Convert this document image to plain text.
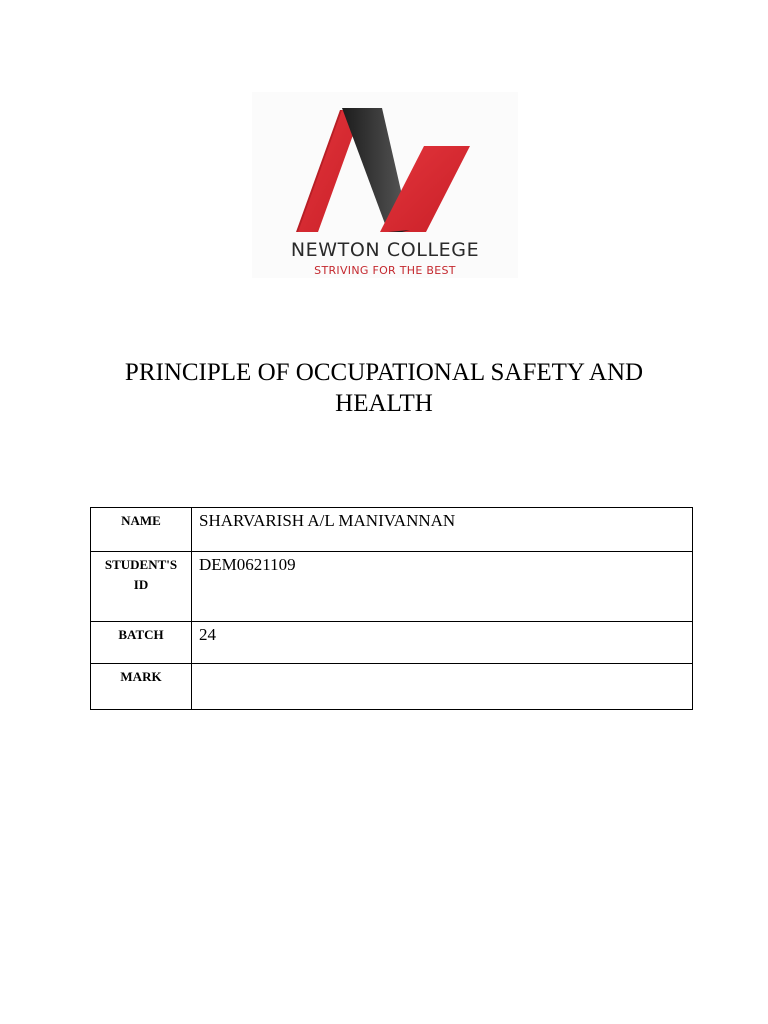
NEWTON COLLEGE
STRIVING FOR THE BEST
PRINCIPLE OF OCCUPATIONAL SAFETY AND
HEALTH
NAME	SHARVARISH A/L MANIVANNAN
STUDENT'S
ID	DEM0621109
BATCH	24
MARK	
